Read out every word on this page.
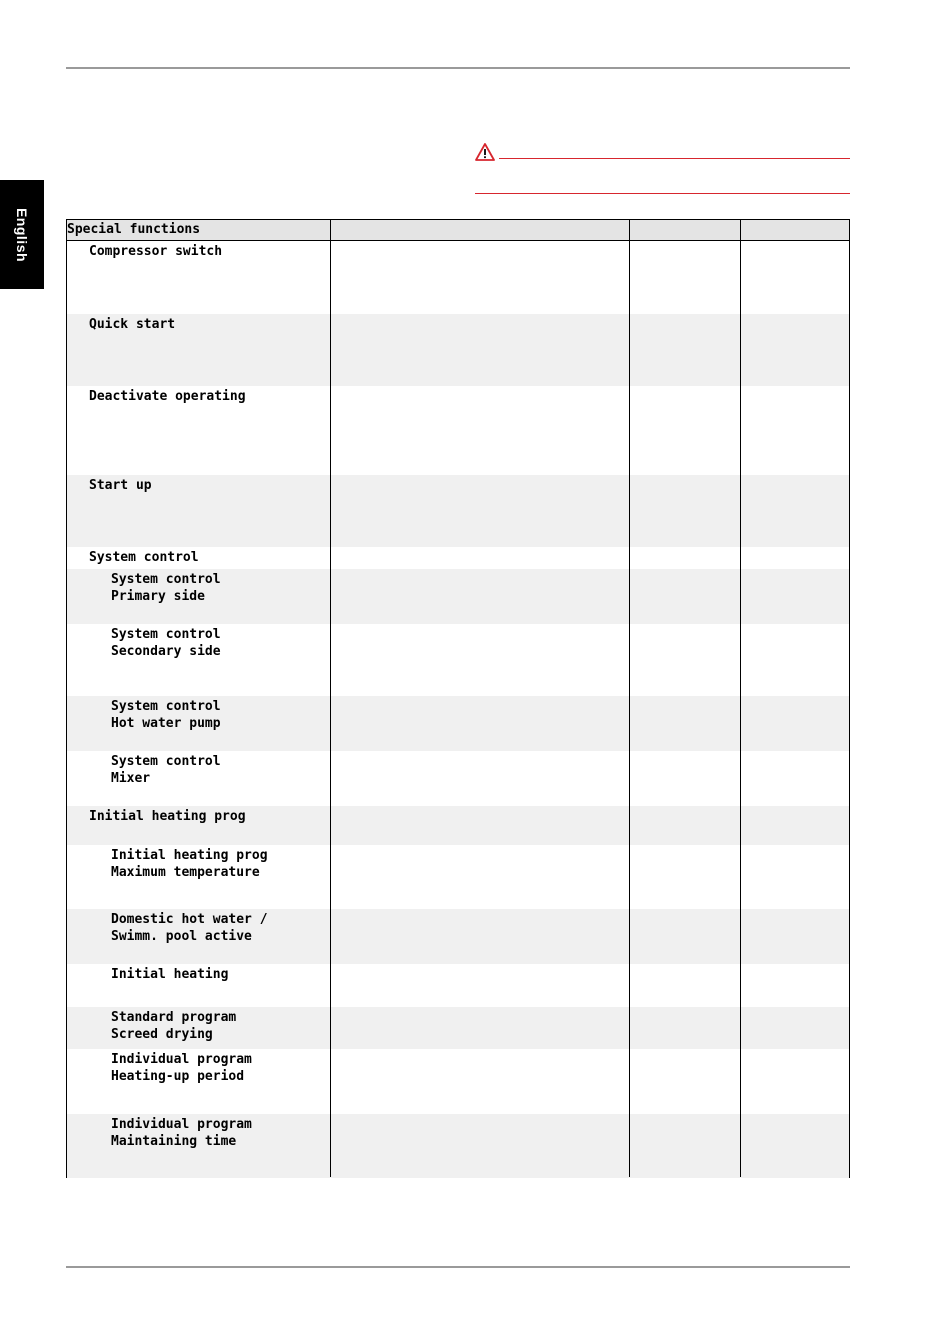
English	Special functions
Compressor switch
Quick start
Deactivate operating
Start up
System control
System control
Primary side
System control
Secondary side
System control
Hot water pump
System control
Mixer
Initial heating prog
Initial heating prog
Maximum temperature
Domestic hot water /
Swimm. pool active
Initial heating
Standard program
Screed drying
Individual program
Heating-up period
Individual program
Maintaining time
